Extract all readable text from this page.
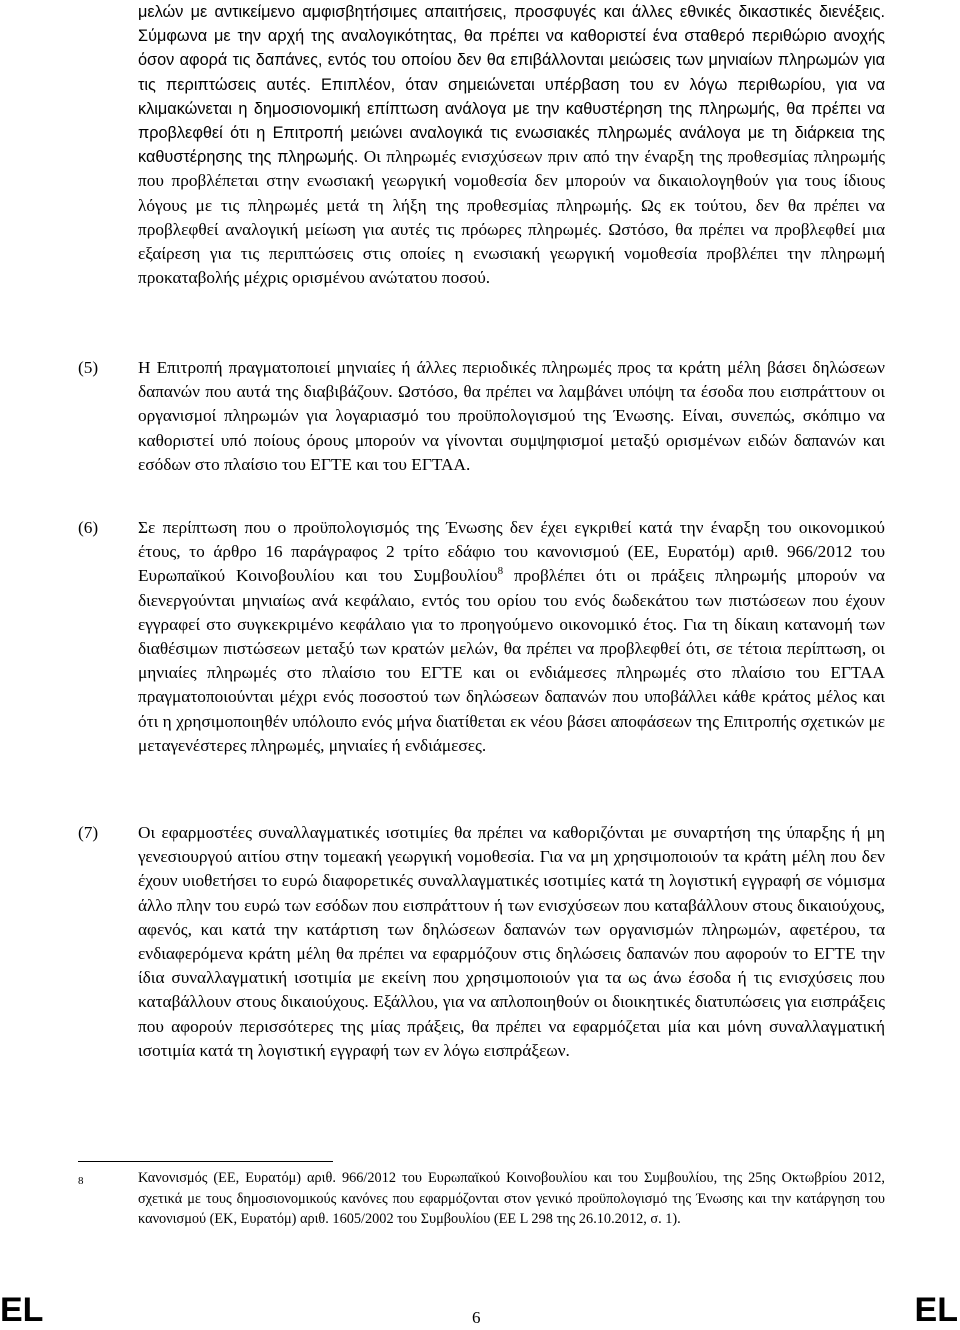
μελών με αντικείμενο αμφισβητήσιμες απαιτήσεις, προσφυγές και άλλες εθνικές δικαστικές διενέξεις. Σύμφωνα με την αρχή της αναλογικότητας, θα πρέπει να καθοριστεί ένα σταθερό περιθώριο ανοχής όσον αφορά τις δαπάνες, εντός του οποίου δεν θα επιβάλλονται μειώσεις των μηνιαίων πληρωμών για τις περιπτώσεις αυτές. Επιπλέον, όταν σημειώνεται υπέρβαση του εν λόγω περιθωρίου, για να κλιμακώνεται η δημοσιονομική επίπτωση ανάλογα με την καθυστέρηση της πληρωμής, θα πρέπει να προβλεφθεί ότι η Επιτροπή μειώνει αναλογικά τις ενωσιακές πληρωμές ανάλογα με τη διάρκεια της καθυστέρησης της πληρωμής. Οι πληρωμές ενισχύσεων πριν από την έναρξη της προθεσμίας πληρωμής που προβλέπεται στην ενωσιακή γεωργική νομοθεσία δεν μπορούν να δικαιολογηθούν για τους ίδιους λόγους με τις πληρωμές μετά τη λήξη της προθεσμίας πληρωμής. Ως εκ τούτου, δεν θα πρέπει να προβλεφθεί αναλογική μείωση για αυτές τις πρόωρες πληρωμές. Ωστόσο, θα πρέπει να προβλεφθεί μια εξαίρεση για τις περιπτώσεις στις οποίες η ενωσιακή γεωργική νομοθεσία προβλέπει την πληρωμή προκαταβολής μέχρις ορισμένου ανώτατου ποσού.
(5) Η Επιτροπή πραγματοποιεί μηνιαίες ή άλλες περιοδικές πληρωμές προς τα κράτη μέλη βάσει δηλώσεων δαπανών που αυτά της διαβιβάζουν. Ωστόσο, θα πρέπει να λαμβάνει υπόψη τα έσοδα που εισπράττουν οι οργανισμοί πληρωμών για λογαριασμό του προϋπολογισμού της Ένωσης. Είναι, συνεπώς, σκόπιμο να καθοριστεί υπό ποίους όρους μπορούν να γίνονται συμψηφισμοί μεταξύ ορισμένων ειδών δαπανών και εσόδων στο πλαίσιο του ΕΓΤΕ και του ΕΓΤΑΑ.
(6) Σε περίπτωση που ο προϋπολογισμός της Ένωσης δεν έχει εγκριθεί κατά την έναρξη του οικονομικού έτους, το άρθρο 16 παράγραφος 2 τρίτο εδάφιο του κανονισμού (ΕΕ, Ευρατόμ) αριθ. 966/2012 του Ευρωπαϊκού Κοινοβουλίου και του Συμβουλίου$^8$ προβλέπει ότι οι πράξεις πληρωμής μπορούν να διενεργούνται μηνιαίως ανά κεφάλαιο, εντός του ορίου του ενός δωδεκάτου των πιστώσεων που έχουν εγγραφεί στο συγκεκριμένο κεφάλαιο για το προηγούμενο οικονομικό έτος. Για τη δίκαιη κατανομή των διαθέσιμων πιστώσεων μεταξύ των κρατών μελών, θα πρέπει να προβλεφθεί ότι, σε τέτοια περίπτωση, οι μηνιαίες πληρωμές στο πλαίσιο του ΕΓΤΕ και οι ενδιάμεσες πληρωμές στο πλαίσιο του ΕΓΤΑΑ πραγματοποιούνται μέχρι ενός ποσοστού των δηλώσεων δαπανών που υποβάλλει κάθε κράτος μέλος και ότι η χρησιμοποιηθέν υπόλοιπο ενός μήνα διατίθεται εκ νέου βάσει αποφάσεων της Επιτροπής σχετικών με μεταγενέστερες πληρωμές, μηνιαίες ή ενδιάμεσες.
(7) Οι εφαρμοστέες συναλλαγματικές ισοτιμίες θα πρέπει να καθοριζόνται με συναρτήση της ύπαρξης ή μη γενεσιουργού αιτίου στην τομεακή γεωργική νομοθεσία. Για να μη χρησιμοποιούν τα κράτη μέλη που δεν έχουν υιοθετήσει το ευρώ διαφορετικές συναλλαγματικές ισοτιμίες κατά τη λογιστική εγγραφή σε νόμισμα άλλο πλην του ευρώ των εσόδων που εισπράττουν ή των ενισχύσεων που καταβάλλουν στους δικαιούχους, αφενός, και κατά την κατάρτιση των δηλώσεων δαπανών των οργανισμών πληρωμών, αφετέρου, τα ενδιαφερόμενα κράτη μέλη θα πρέπει να εφαρμόζουν στις δηλώσεις δαπανών που αφορούν το ΕΓΤΕ την ίδια συναλλαγματική ισοτιμία με εκείνη που χρησιμοποιούν για τα ως άνω έσοδα ή τις ενισχύσεις που καταβάλλουν στους δικαιούχους. Εξάλλου, για να απλοποιηθούν οι διοικητικές διατυπώσεις για εισπράξεις που αφορούν περισσότερες της μίας πράξεις, θα πρέπει να εφαρμόζεται μία και μόνη συναλλαγματική ισοτιμία κατά τη λογιστική εγγραφή των εν λόγω εισπράξεων.
8	Κανονισμός (ΕΕ, Ευρατόμ) αριθ. 966/2012 του Ευρωπαϊκού Κοινοβουλίου και του Συμβουλίου, της 25ης Οκτωβρίου 2012, σχετικά με τους δημοσιονομικούς κανόνες που εφαρμόζονται στον γενικό προϋπολογισμό της Ένωσης και την κατάργηση του κανονισμού (ΕΚ, Ευρατόμ) αριθ. 1605/2002 του Συμβουλίου (ΕΕ L 298 της 26.10.2012, σ. 1).
EL	6	EL
